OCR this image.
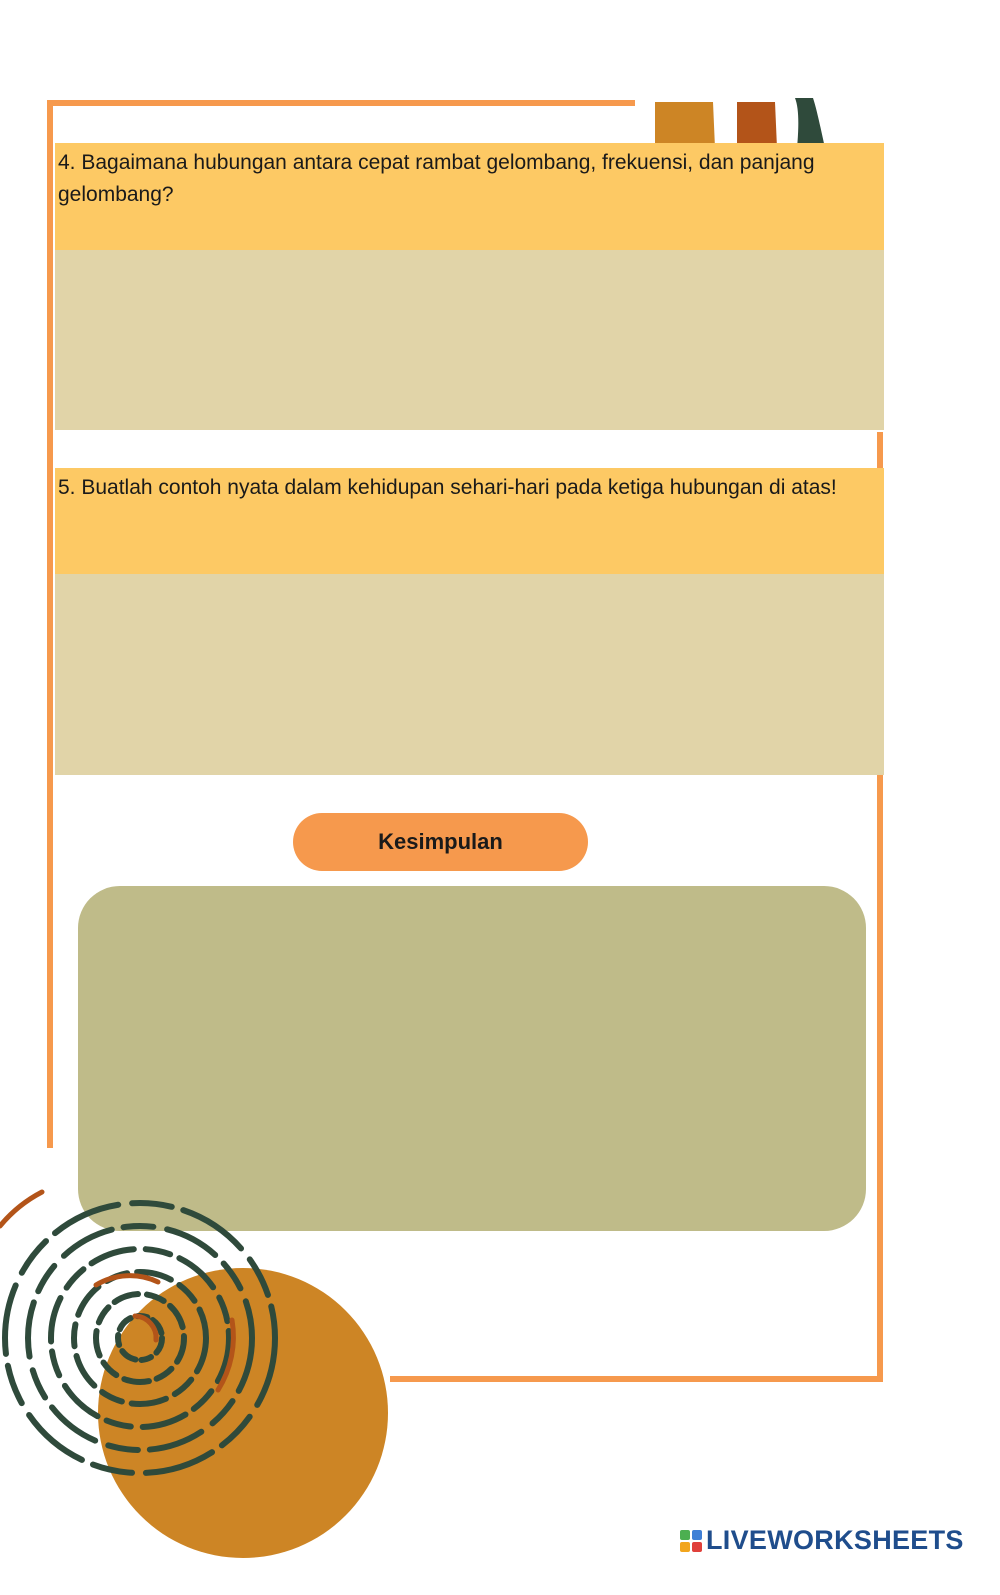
4. Bagaimana hubungan antara cepat rambat gelombang, frekuensi, dan panjang gelombang?

5. Buatlah contoh nyata dalam kehidupan sehari-hari pada ketiga hubungan di atas!

Kesimpulan
LIVEWORKSHEETS
